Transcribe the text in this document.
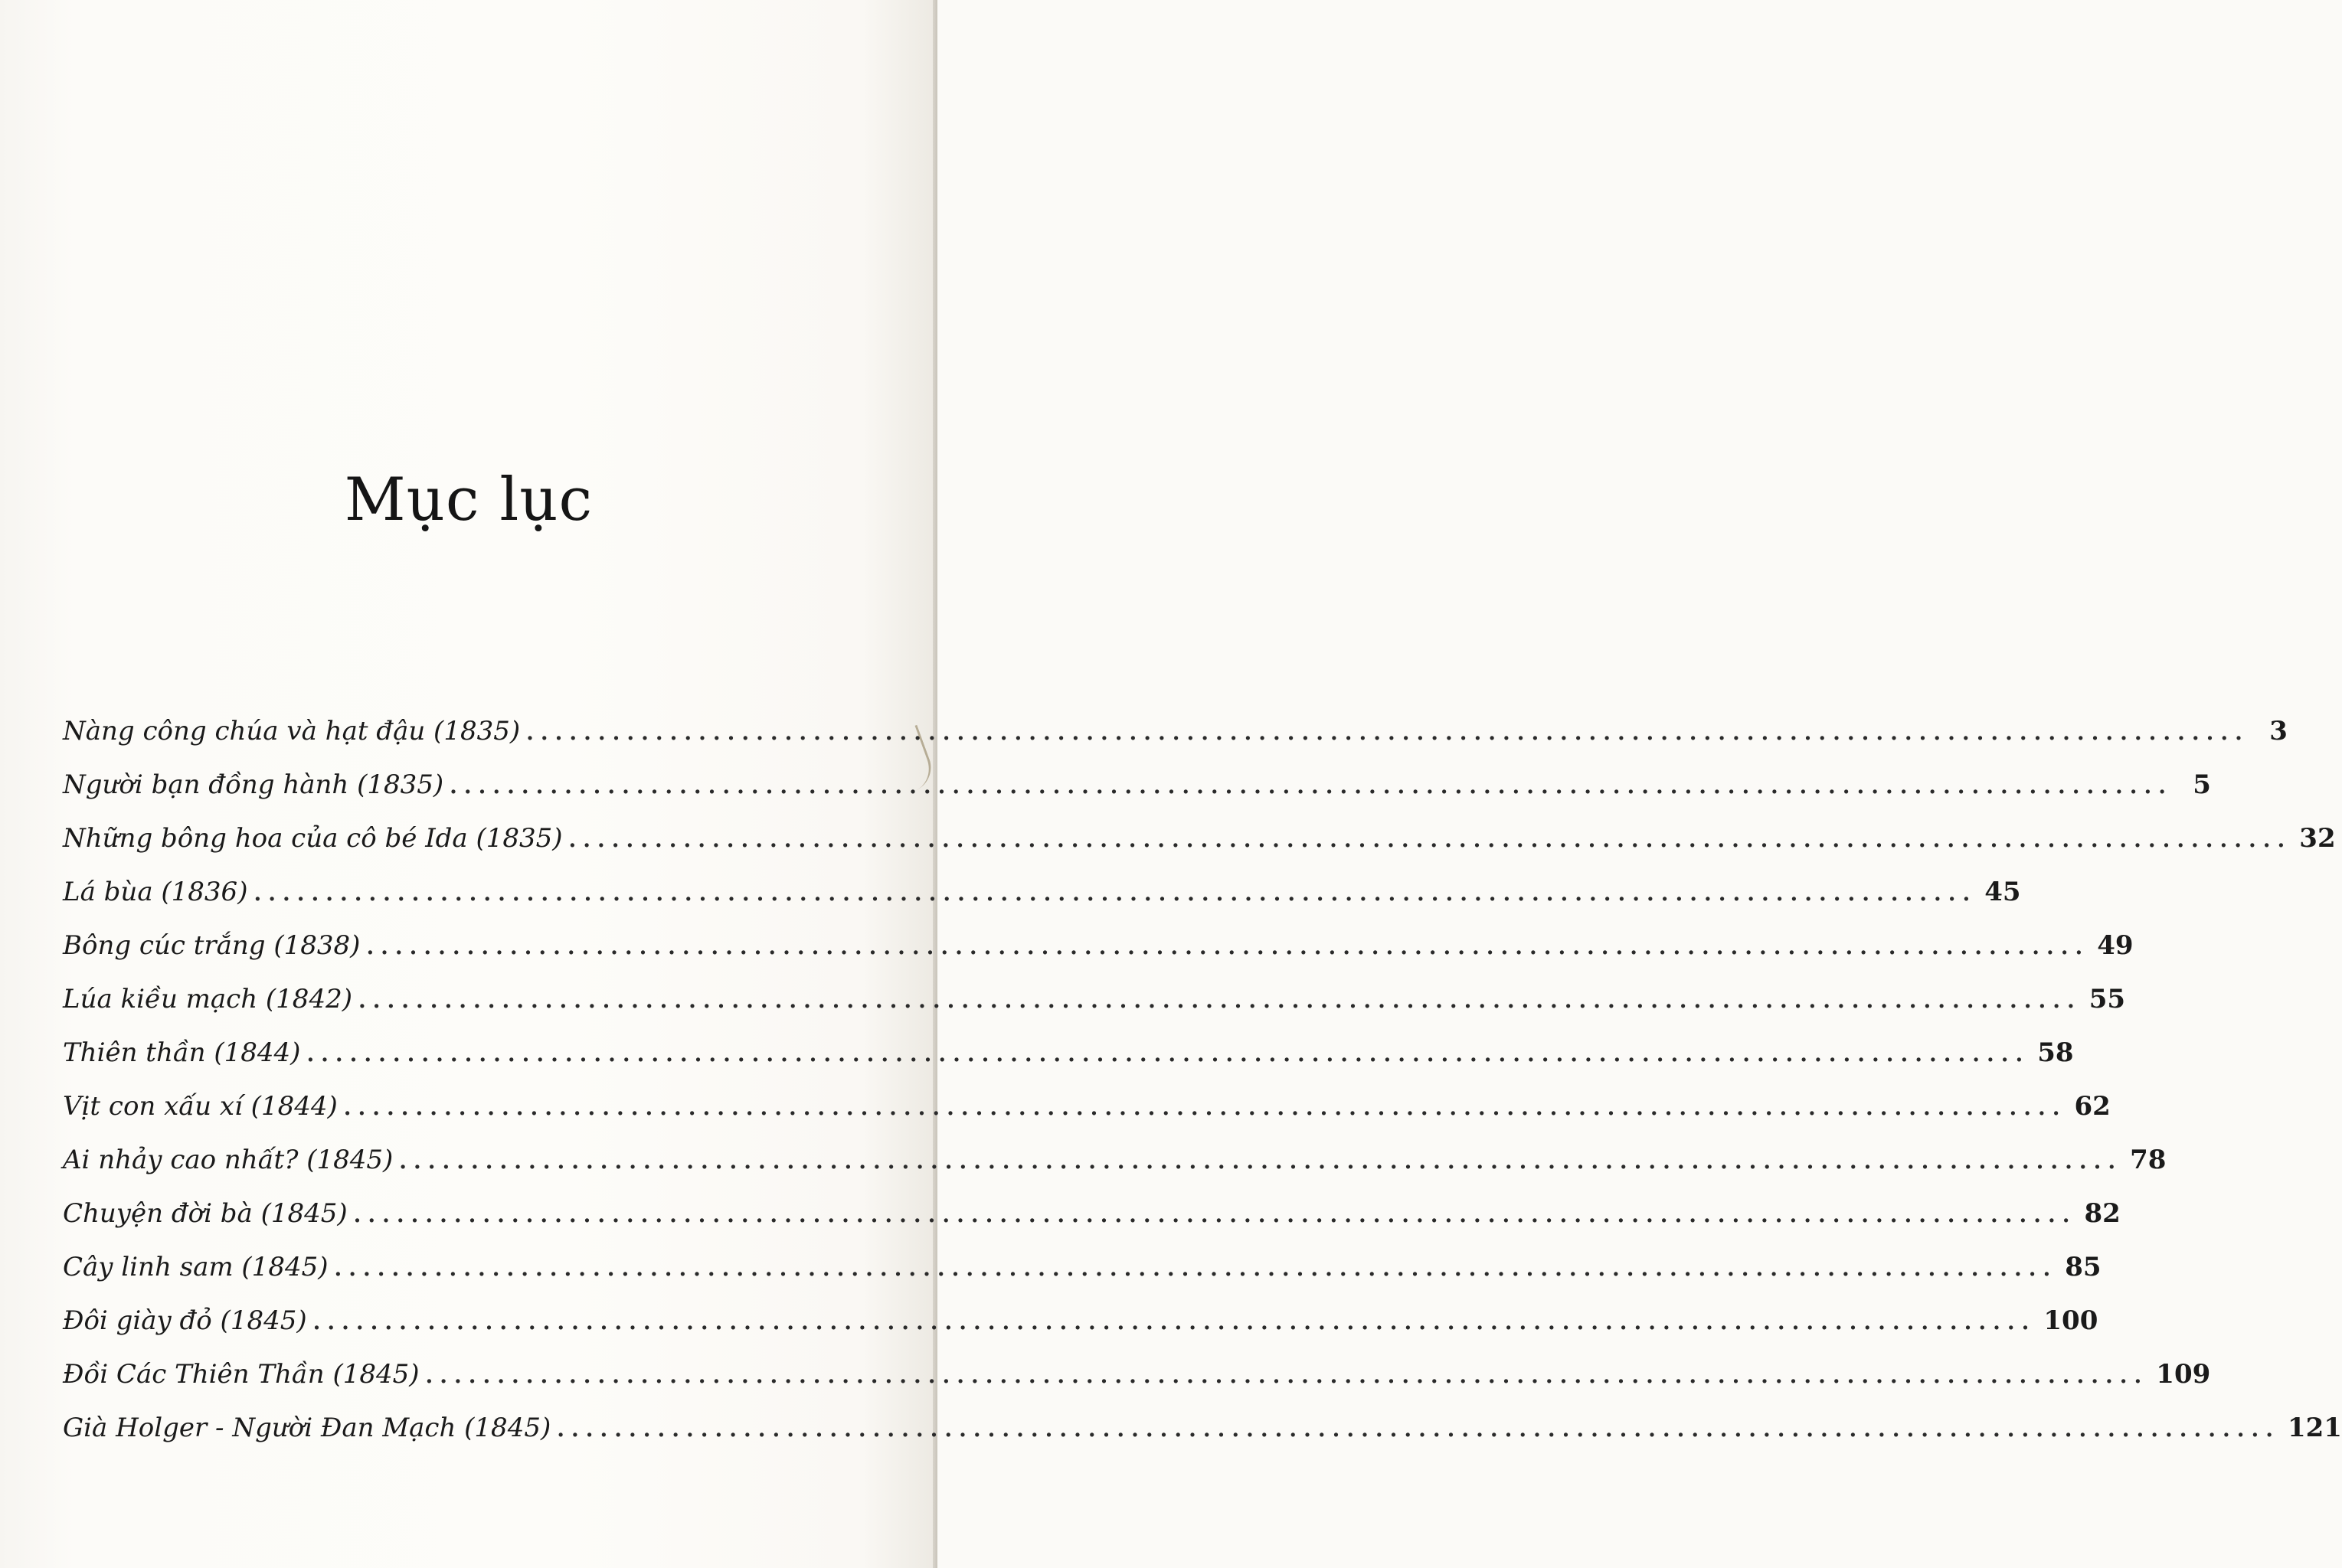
Mục lục
Nàng công chúa và hạt đậu (1835) ........................................................................................................................ 3
Người bạn đồng hành (1835) ........................................................................................................................ 5
Những bông hoa của cô bé Ida (1835) ........................................................................................................................ 32
Lá bùa (1836) ........................................................................................................................ 45
Bông cúc trắng (1838) ........................................................................................................................ 49
Lúa kiều mạch (1842) ........................................................................................................................ 55
Thiên thần (1844) ........................................................................................................................ 58
Vịt con xấu xí (1844) ........................................................................................................................ 62
Ai nhảy cao nhất? (1845) ........................................................................................................................ 78
Chuyện đời bà (1845) ........................................................................................................................ 82
Cây linh sam (1845) ........................................................................................................................ 85
Đôi giày đỏ (1845) ........................................................................................................................ 100
Đồi Các Thiên Thần (1845) ........................................................................................................................ 109
Già Holger - Người Đan Mạch (1845) ........................................................................................................................ 121
